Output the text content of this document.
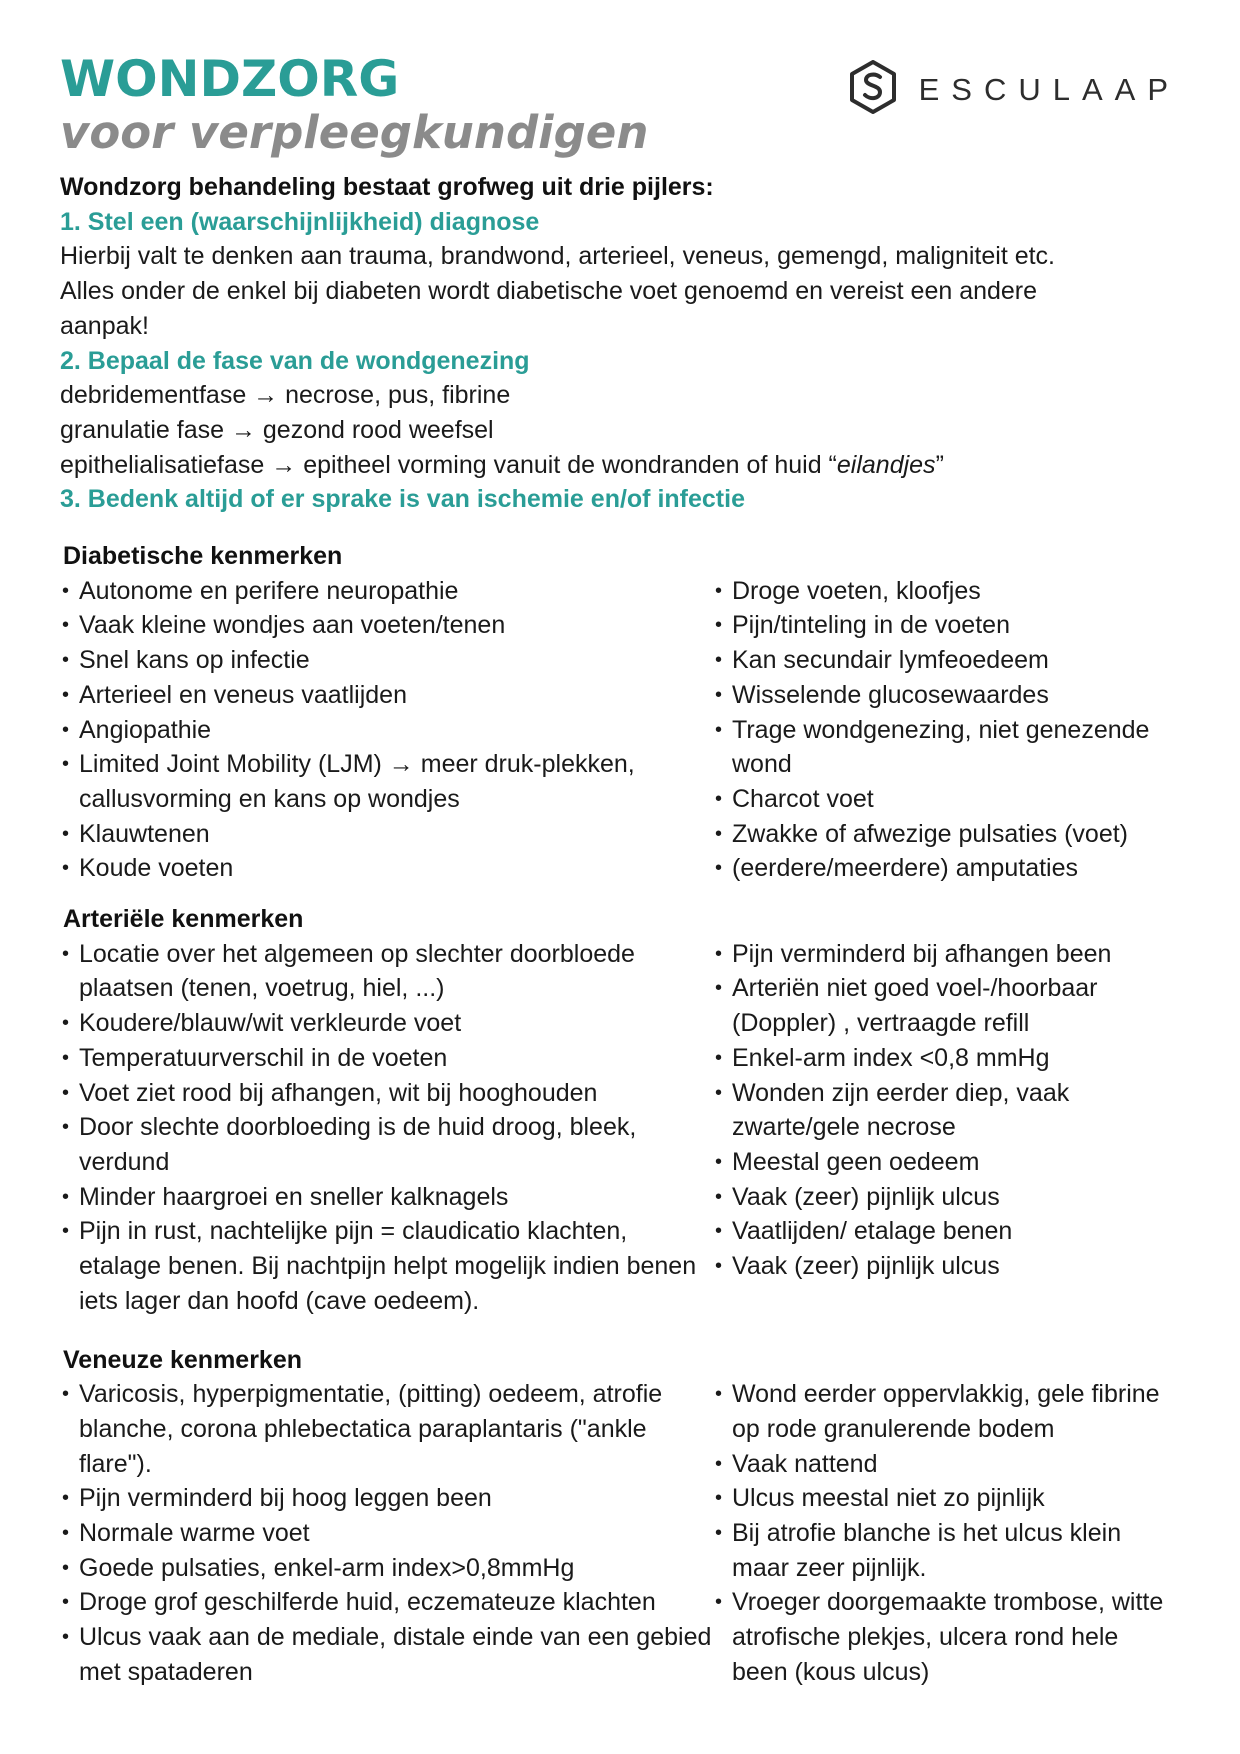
WONDZORG
voor verpleegkundigen
ESCULAAP

Wondzorg behandeling bestaat grofweg uit drie pijlers:

1. Stel een (waarschijnlijkheid) diagnose

Hierbij valt te denken aan trauma, brandwond, arterieel, veneus, gemengd, maligniteit etc.

Alles onder de enkel bij diabeten wordt diabetische voet genoemd en vereist een andere

aanpak!

2. Bepaal de fase van de wondgenezing

debridementfase → necrose, pus, fibrine

granulatie fase → gezond rood weefsel

epithelialisatiefase → epitheel vorming vanuit de wondranden of huid “eilandjes”

3. Bedenk altijd of er sprake is van ischemie en/of infectie

Diabetische kenmerken

• Autonome en perifere neuropathie
• Vaak kleine wondjes aan voeten/tenen
• Snel kans op infectie
• Arterieel en veneus vaatlijden
• Angiopathie
• Limited Joint Mobility (LJM) → meer druk-plekken, callusvorming en kans op wondjes
• Klauwtenen
• Koude voeten
• Droge voeten, kloofjes
• Pijn/tinteling in de voeten
• Kan secundair lymfeoedeem
• Wisselende glucosewaardes
• Trage wondgenezing, niet genezende wond
• Charcot voet
• Zwakke of afwezige pulsaties (voet)
• (eerdere/meerdere) amputaties

Arteriële kenmerken

• Locatie over het algemeen op slechter doorbloede plaatsen (tenen, voetrug, hiel, ...)
• Koudere/blauw/wit verkleurde voet
• Temperatuurverschil in de voeten
• Voet ziet rood bij afhangen, wit bij hooghouden
• Door slechte doorbloeding is de huid droog, bleek, verdund
• Minder haargroei en sneller kalknagels
• Pijn in rust, nachtelijke pijn = claudicatio klachten, etalage benen. Bij nachtpijn helpt mogelijk indien benen iets lager dan hoofd (cave oedeem).
• Pijn verminderd bij afhangen been
• Arteriën niet goed voel-/hoorbaar (Doppler) , vertraagde refill
• Enkel-arm index <0,8 mmHg
• Wonden zijn eerder diep, vaak zwarte/gele necrose
• Meestal geen oedeem
• Vaak (zeer) pijnlijk ulcus
• Vaatlijden/ etalage benen
• Vaak (zeer) pijnlijk ulcus

Veneuze kenmerken

• Varicosis, hyperpigmentatie, (pitting) oedeem, atrofie blanche, corona phlebectatica paraplantaris ("ankle flare").
• Pijn verminderd bij hoog leggen been
• Normale warme voet
• Goede pulsaties, enkel-arm index>0,8mmHg
• Droge grof geschilferde huid, eczemateuze klachten
• Ulcus vaak aan de mediale, distale einde van een gebied met spataderen
• Wond eerder oppervlakkig, gele fibrine op rode granulerende bodem
• Vaak nattend
• Ulcus meestal niet zo pijnlijk
• Bij atrofie blanche is het ulcus klein maar zeer pijnlijk.
• Vroeger doorgemaakte trombose, witte atrofische plekjes, ulcera rond hele been (kous ulcus)
